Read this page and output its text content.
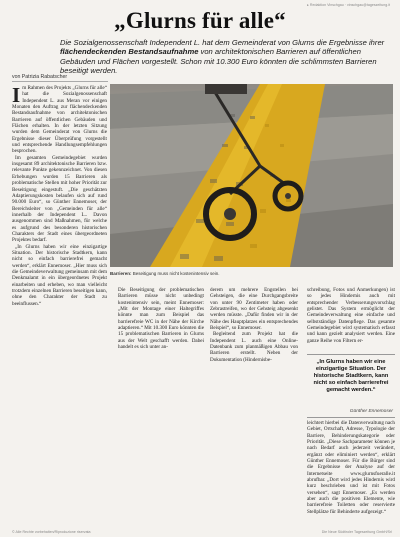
▸ Redaktion Vinschgau · vinschgau@tageszeitung.it
„Glurns für alle“
Die Sozialgenossenschaft Independent L. hat dem Gemeinderat von Glurns die Ergebnisse ihrer flächendeckenden Bestandsaufnahme von architektonischen Barrieren auf öffentlichen Gebäuden und Flächen vorgestellt. Schon mit 10.300 Euro könnten die schlimmsten Barrieren beseitigt werden.
von Patrizia Rabatscher

Im Rahmen des Projekts „Glurns für alle“ hat die Sozialgenossenschaft Independent L. aus Meran vor einigen Monaten den Auftrag zur flächendeckenden Bestandsaufnahme von architektonischen Barrieren auf öffentlichen Gebäuden und Flächen erhalten. In der letzten Sitzung wurden dem Gemeinderat von Glurns die Ergebnisse dieser Überprüfung vorgestellt und entsprechende Handlungsempfehlungen besprochen.

Im gesamten Gemeindegebiet wurden insgesamt 89 architektonische Barrieren bzw. relevante Punkte gekennzeichnet. Von diesen Erhebungen wurden 15 Barrieren als problematische Stellen mit hoher Priorität zur Beseitigung eingestuft. „Die geschätzten Adaptierungskosten belaufen sich auf rund 90.000 Euro“, so Günther Ennemoser, der Bereichsleiter von „Gemeinden für alle“ innerhalb der Independent L.. Davon ausgenommen sind Maßnahmen, für welche es aufgrund des besonderen historischen Charakters der Stadt eines übergeordneten Projektes bedarf.

„In Glurns haben wir eine einzigartige Situation. Der historische Stadtkern, kann nicht so einfach barrierefrei gemacht werden“, erklärt Ennemoser. „Hier muss sich die Gemeindeverwaltung gemeinsam mit dem Denkmalamt in ein übergeordnetes Projekt einarbeiten und erheben, wo man vielleicht trotzdem einzelnen Barrieren beseitigen kann, ohne den Charakter der Stadt zu beeinflussen.“

Barrieren: Beseitigung muss nicht kostenintensiv sein.

Die Beseitigung der problematischen Barrieren müsse nicht unbedingt kostenintensiv sein, meint Ennemoser: „Mit der Montage einer Haltegriffes könnte man zum Beispiel das barrierefreie WC in der Nähe der Kirche adaptieren.“ Mit 10.300 Euro könnten die 15 problematischen Barrieren in Glurns aus der Welt geschafft werden. Dabei handelt es sich unter an-

derem um mehrere Engstellen bei Gehsteigen, die eine Durchgangsbreite von unter 90 Zentimeter haben oder Zebrastreifen, wo der Gehsteig abgesenkt werden müsste. „Dafür finden wir in der Nähe des Hauptplatzes ein entsprechendes Beispiel“, so Ennemoser.

Begleitend zum Projekt hat die Independent L. auch eine Online-Datenbank zum planmäßigen Abbau von Barrieren erstellt. Neben der Dokumentation (Hindernisbe-

schreibung, Fotos und Anmerkungen) ist so jedes Hindernis auch mit entsprechender Verbesserungsvorschlag gelistet. Das System ermöglicht der Gemeindeverwaltung eine einfache und selbstständige Datenpflege. Das gesamte Gemeindegebiet wird systematisch erfasst und kann gezielt analysiert werden. Eine ganze Reihe von Filtern er-

„In Glurns haben wir eine einzigartige Situation. Der historische Stadtkern, kann nicht so einfach barrierefrei gemacht werden.“
Günther Ennemoser

leichtert hierbei die Datenverwaltung nach Gebiet, Ortschaft, Adresse, Typologie der Barriere, Behinderungskategorie oder Priorität. „Diese Sachparameter können je nach Bedarf auch jederzeit verändert, ergänzt oder eliminiert werden“, erklärt Günther Ennemoser. Für die Bürger sind die Ergebnisse der Analyse auf der Internetseite www.glurnsfueralle.it abrufbar. „Dort wird jedes Hindernis wird kurz beschrieben und ist mit Fotos versehen“, sagt Ennemoser. „Es werden aber auch die positiven Elemente, wie barrierefreie Toiletten oder reservierte Stellplätze für Behinderte aufgezeigt.“

© Alle Rechte vorbehalten/Riproduzione riservata	Die Neue Südtiroler Tageszeitung GmbH/Srl
